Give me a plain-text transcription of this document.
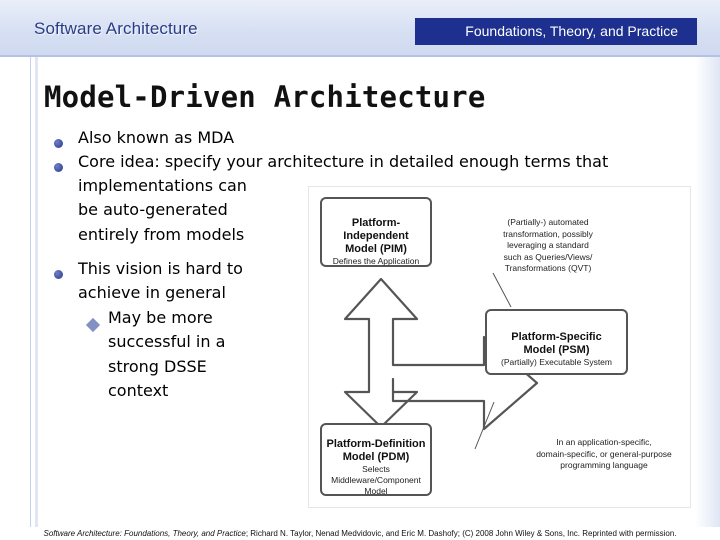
Software Architecture	Foundations, Theory, and Practice
Model-Driven Architecture
Also known as MDA
Core idea: specify your architecture in detailed enough terms that
implementations can
be auto-generated
entirely from models
This vision is hard to
achieve in general
May be more
successful in a
strong DSSE
context
Platform-Independent
Model (PIM)
Defines the Application
Platform-Specific
Model (PSM)
(Partially) Executable System
Platform-Definition
Model (PDM)
Selects Middleware/Component
Model
(Partially-) automated
transformation, possibly
leveraging a standard
such as Queries/Views/
Transformations (QVT)
In an application-specific,
domain-specific, or general-purpose
programming language
Software Architecture: Foundations, Theory, and Practice; Richard N. Taylor, Nenad Medvidovic, and Eric M. Dashofy; (C) 2008 John Wiley & Sons, Inc. Reprinted with permission.
